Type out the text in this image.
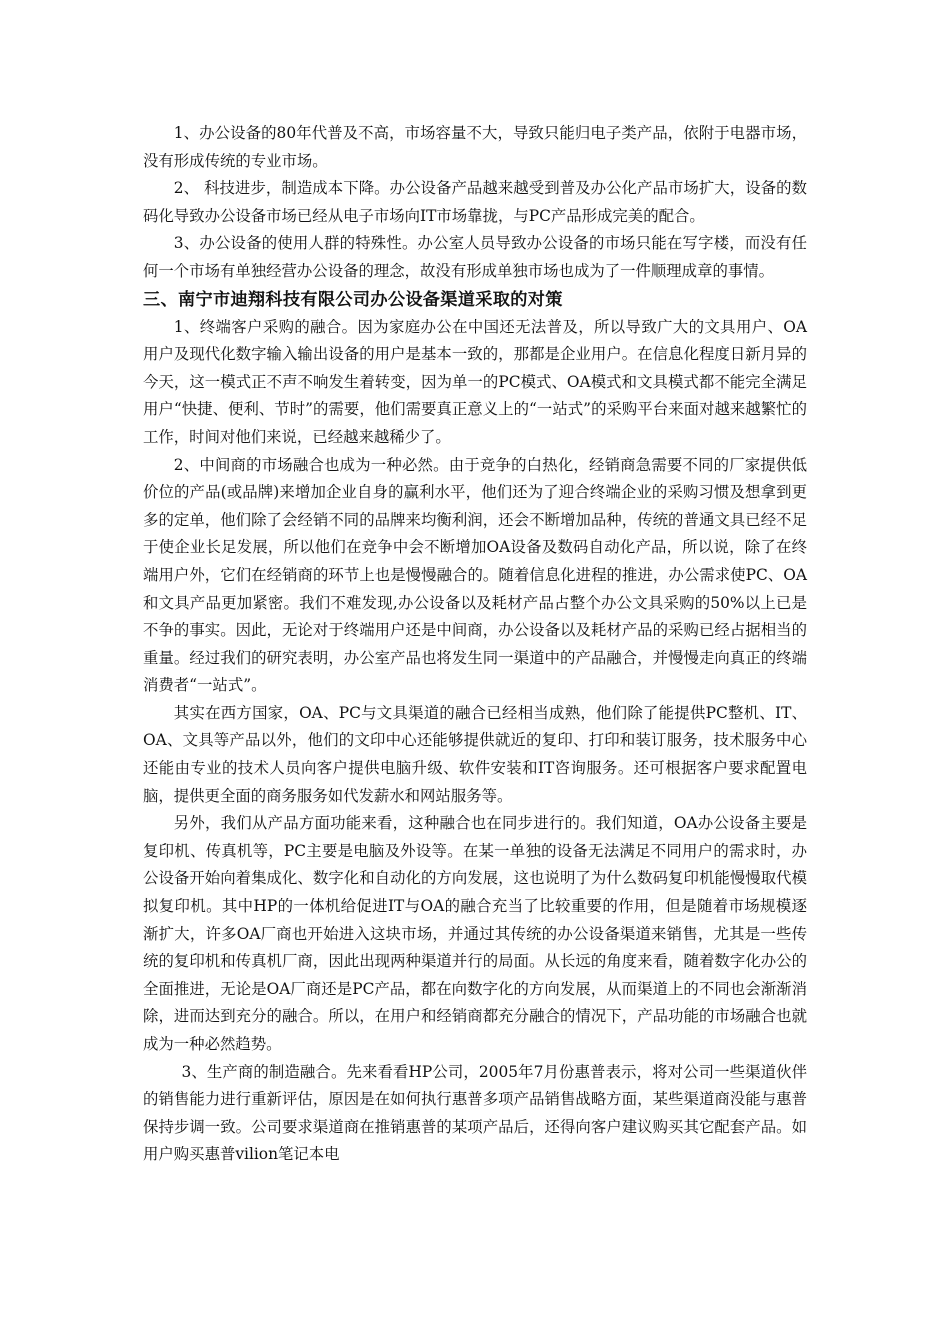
1、办公设备的80年代普及不高，市场容量不大，导致只能归电子类产品，依附于电器市场，没有形成传统的专业市场。

2、 科技进步，制造成本下降。办公设备产品越来越受到普及办公化产品市场扩大，设备的数码化导致办公设备市场已经从电子市场向IT市场靠拢，与PC产品形成完美的配合。

3、办公设备的使用人群的特殊性。办公室人员导致办公设备的市场只能在写字楼，而没有任何一个市场有单独经营办公设备的理念，故没有形成单独市场也成为了一件顺理成章的事情。

三、南宁市迪翔科技有限公司办公设备渠道采取的对策

1、终端客户采购的融合。因为家庭办公在中国还无法普及，所以导致广大的文具用户、OA用户及现代化数字输入输出设备的用户是基本一致的，那都是企业用户。在信息化程度日新月异的今天，这一模式正不声不响发生着转变，因为单一的PC模式、OA模式和文具模式都不能完全满足用户“快捷、便利、节时”的需要，他们需要真正意义上的“一站式”的采购平台来面对越来越繁忙的工作，时间对他们来说，已经越来越稀少了。

2、中间商的市场融合也成为一种必然。由于竞争的白热化，经销商急需要不同的厂家提供低价位的产品(或品牌)来增加企业自身的赢利水平，他们还为了迎合终端企业的采购习惯及想拿到更多的定单，他们除了会经销不同的品牌来均衡利润，还会不断增加品种，传统的普通文具已经不足于使企业长足发展，所以他们在竞争中会不断增加OA设备及数码自动化产品，所以说，除了在终端用户外，它们在经销商的环节上也是慢慢融合的。随着信息化进程的推进，办公需求使PC、OA和文具产品更加紧密。我们不难发现,办公设备以及耗材产品占整个办公文具采购的50%以上已是不争的事实。因此，无论对于终端用户还是中间商，办公设备以及耗材产品的采购已经占据相当的重量。经过我们的研究表明，办公室产品也将发生同一渠道中的产品融合，并慢慢走向真正的终端消费者“一站式”。

其实在西方国家，OA、PC与文具渠道的融合已经相当成熟，他们除了能提供PC整机、IT、OA、文具等产品以外，他们的文印中心还能够提供就近的复印、打印和装订服务，技术服务中心还能由专业的技术人员向客户提供电脑升级、软件安装和IT咨询服务。还可根据客户要求配置电脑，提供更全面的商务服务如代发薪水和网站服务等。

另外，我们从产品方面功能来看，这种融合也在同步进行的。我们知道，OA办公设备主要是复印机、传真机等，PC主要是电脑及外设等。在某一单独的设备无法满足不同用户的需求时，办公设备开始向着集成化、数字化和自动化的方向发展，这也说明了为什么数码复印机能慢慢取代模拟复印机。其中HP的一体机给促进IT与OA的融合充当了比较重要的作用，但是随着市场规模逐渐扩大，许多OA厂商也开始进入这块市场，并通过其传统的办公设备渠道来销售，尤其是一些传统的复印机和传真机厂商，因此出现两种渠道并行的局面。从长远的角度来看，随着数字化办公的全面推进，无论是OA厂商还是PC产品，都在向数字化的方向发展，从而渠道上的不同也会渐渐消除，进而达到充分的融合。所以，在用户和经销商都充分融合的情况下，产品功能的市场融合也就成为一种必然趋势。

3、生产商的制造融合。先来看看HP公司，2005年7月份惠普表示，将对公司一些渠道伙伴的销售能力进行重新评估，原因是在如何执行惠普多项产品销售战略方面，某些渠道商没能与惠普保持步调一致。公司要求渠道商在推销惠普的某项产品后，还得向客户建议购买其它配套产品。如用户购买惠普vilion笔记本电
